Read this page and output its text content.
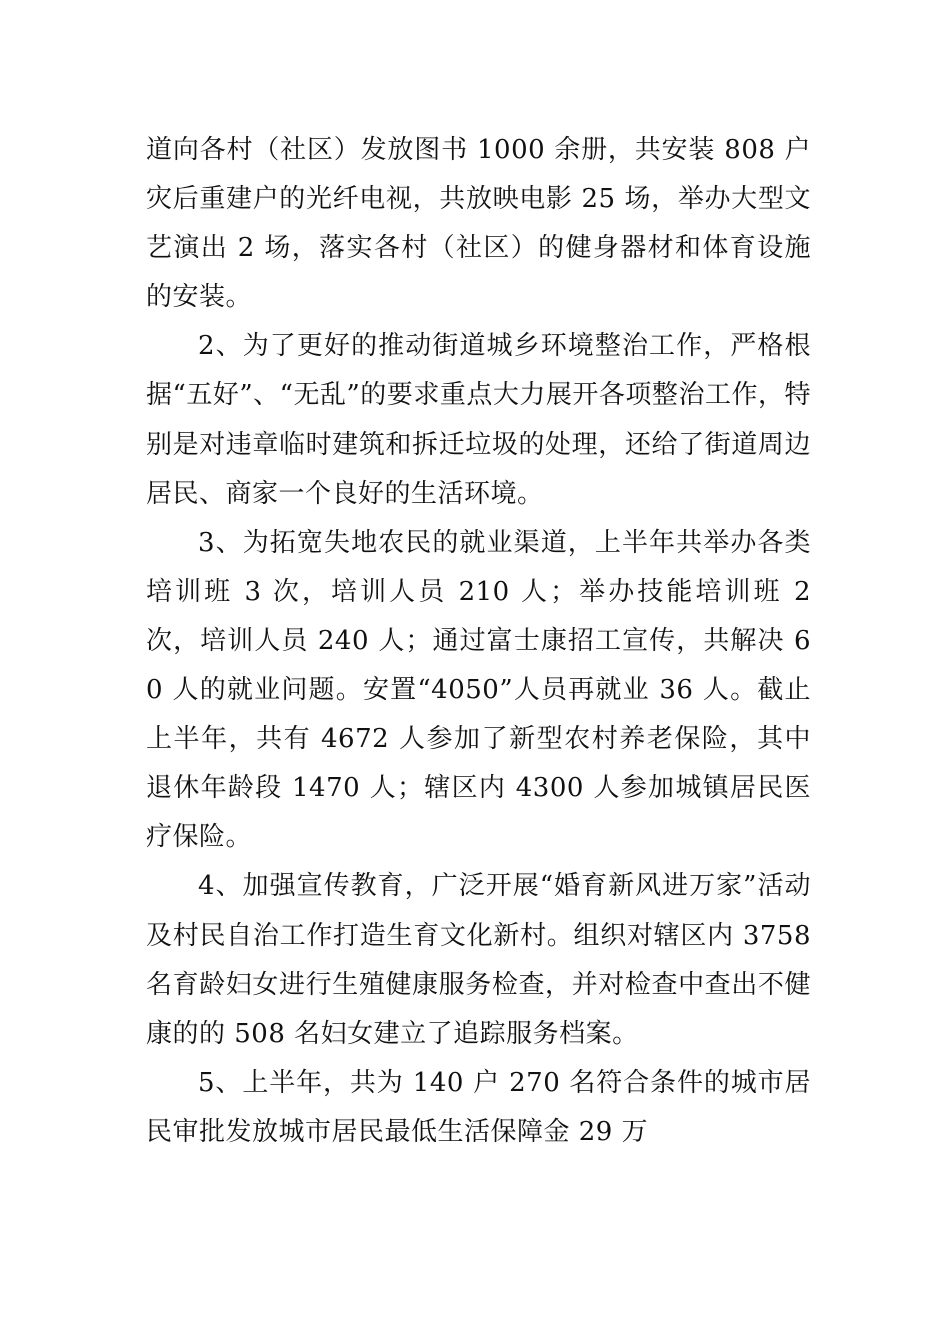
道向各村（社区）发放图书 1000 余册，共安装 808 户灾后重建户的光纤电视，共放映电影 25 场，举办大型文艺演出 2 场，落实各村（社区）的健身器材和体育设施的安装。

2、为了更好的推动街道城乡环境整治工作，严格根据“五好”、“无乱”的要求重点大力展开各项整治工作，特别是对违章临时建筑和拆迁垃圾的处理，还给了街道周边居民、商家一个良好的生活环境。

3、为拓宽失地农民的就业渠道，上半年共举办各类培训班 3 次，培训人员 210 人；举办技能培训班 2 次，培训人员 240 人；通过富士康招工宣传，共解决 60 人的就业问题。安置“4050”人员再就业 36 人。截止上半年，共有 4672 人参加了新型农村养老保险，其中退休年龄段 1470 人；辖区内 4300 人参加城镇居民医疗保险。

4、加强宣传教育，广泛开展“婚育新风进万家”活动及村民自治工作打造生育文化新村。组织对辖区内 3758 名育龄妇女进行生殖健康服务检查，并对检查中查出不健康的的 508 名妇女建立了追踪服务档案。

5、上半年，共为 140 户 270 名符合条件的城市居民审批发放城市居民最低生活保障金 29 万
